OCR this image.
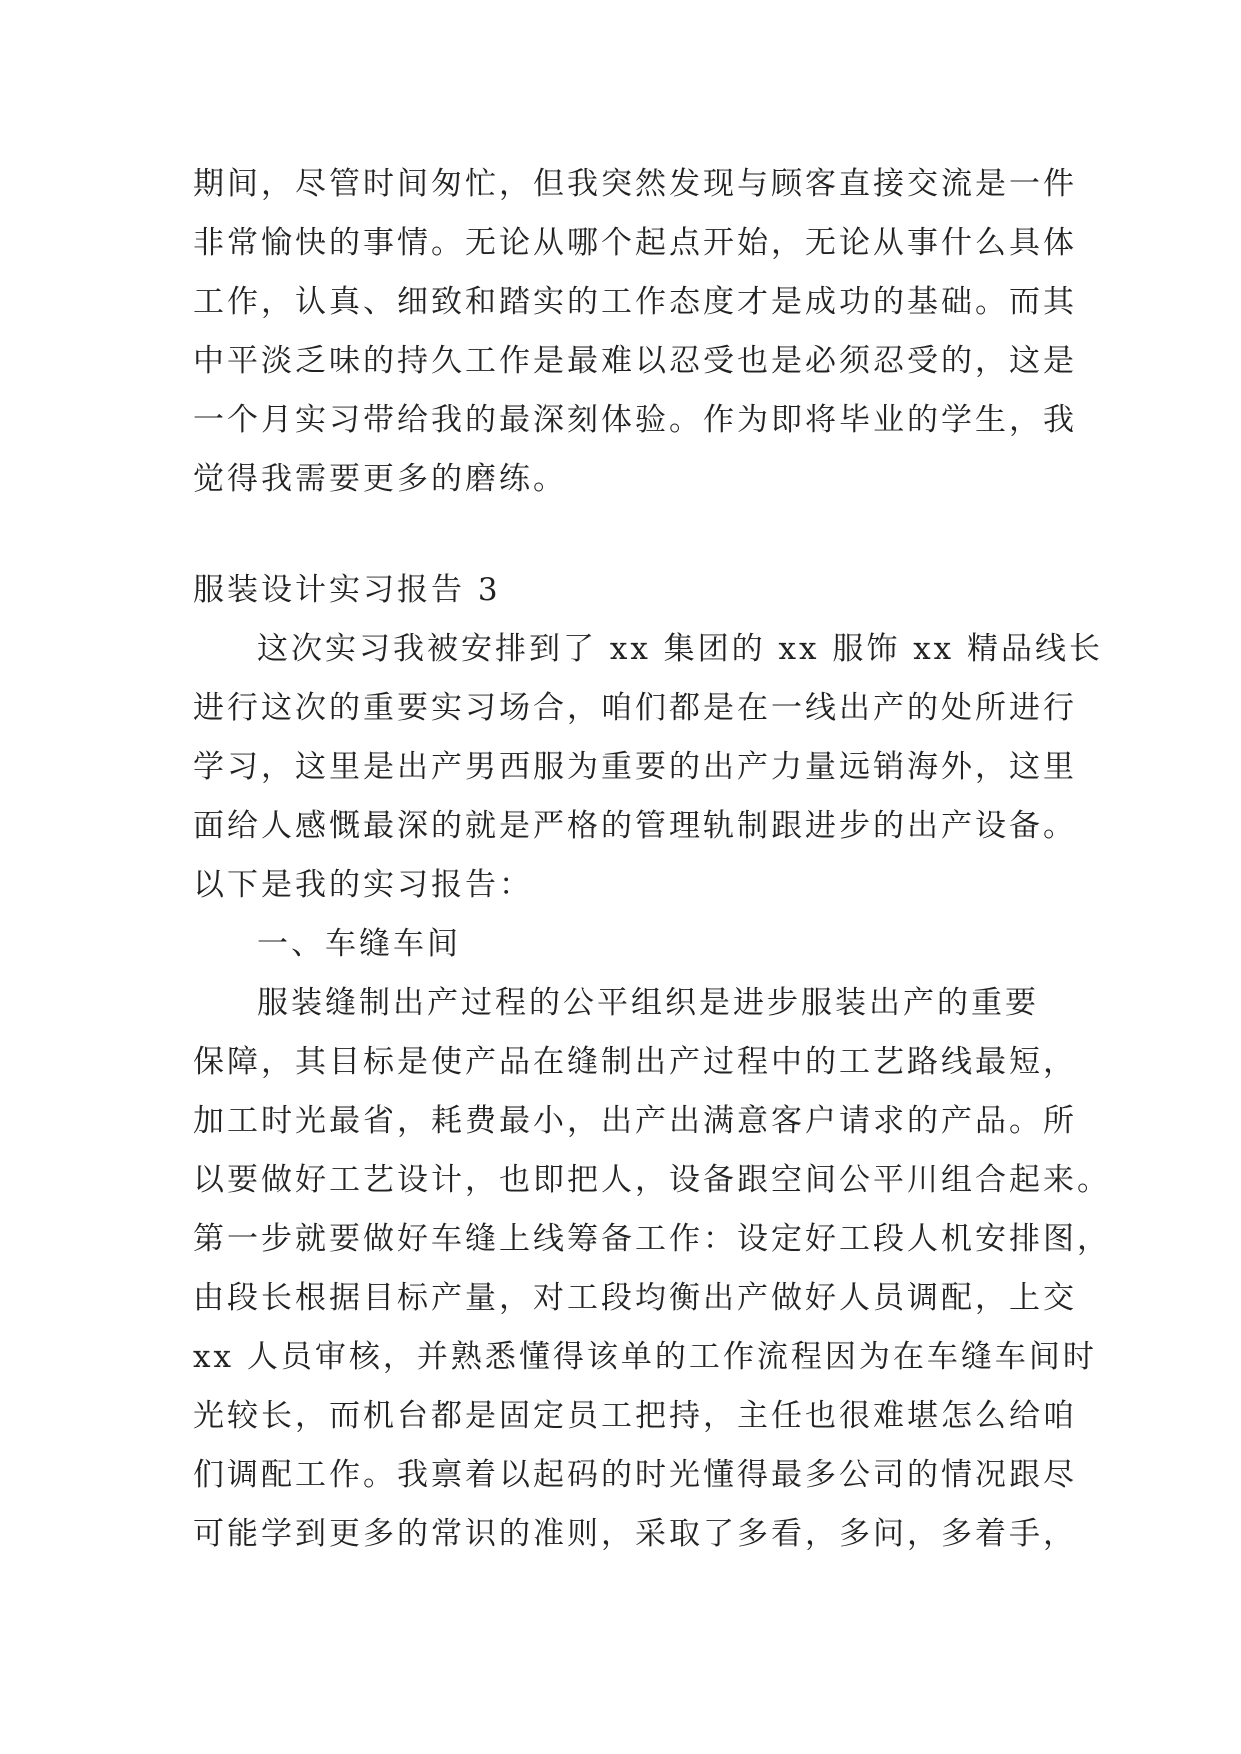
期间，尽管时间匆忙，但我突然发现与顾客直接交流是一件
非常愉快的事情。无论从哪个起点开始，无论从事什么具体
工作，认真、细致和踏实的工作态度才是成功的基础。而其
中平淡乏味的持久工作是最难以忍受也是必须忍受的，这是
一个月实习带给我的最深刻体验。作为即将毕业的学生，我
觉得我需要更多的磨练。
服装设计实习报告 3
这次实习我被安排到了 xx 集团的 xx 服饰 xx 精品线长
进行这次的重要实习场合，咱们都是在一线出产的处所进行
学习，这里是出产男西服为重要的出产力量远销海外，这里
面给人感慨最深的就是严格的管理轨制跟进步的出产设备。
以下是我的实习报告：
一、车缝车间
服装缝制出产过程的公平组织是进步服装出产的重要
保障，其目标是使产品在缝制出产过程中的工艺路线最短，
加工时光最省，耗费最小，出产出满意客户请求的产品。所
以要做好工艺设计，也即把人，设备跟空间公平川组合起来。
第一步就要做好车缝上线筹备工作：设定好工段人机安排图，
由段长根据目标产量，对工段均衡出产做好人员调配，上交
xx 人员审核，并熟悉懂得该单的工作流程因为在车缝车间时
光较长，而机台都是固定员工把持，主任也很难堪怎么给咱
们调配工作。我禀着以起码的时光懂得最多公司的情况跟尽
可能学到更多的常识的准则，采取了多看，多问，多着手，
